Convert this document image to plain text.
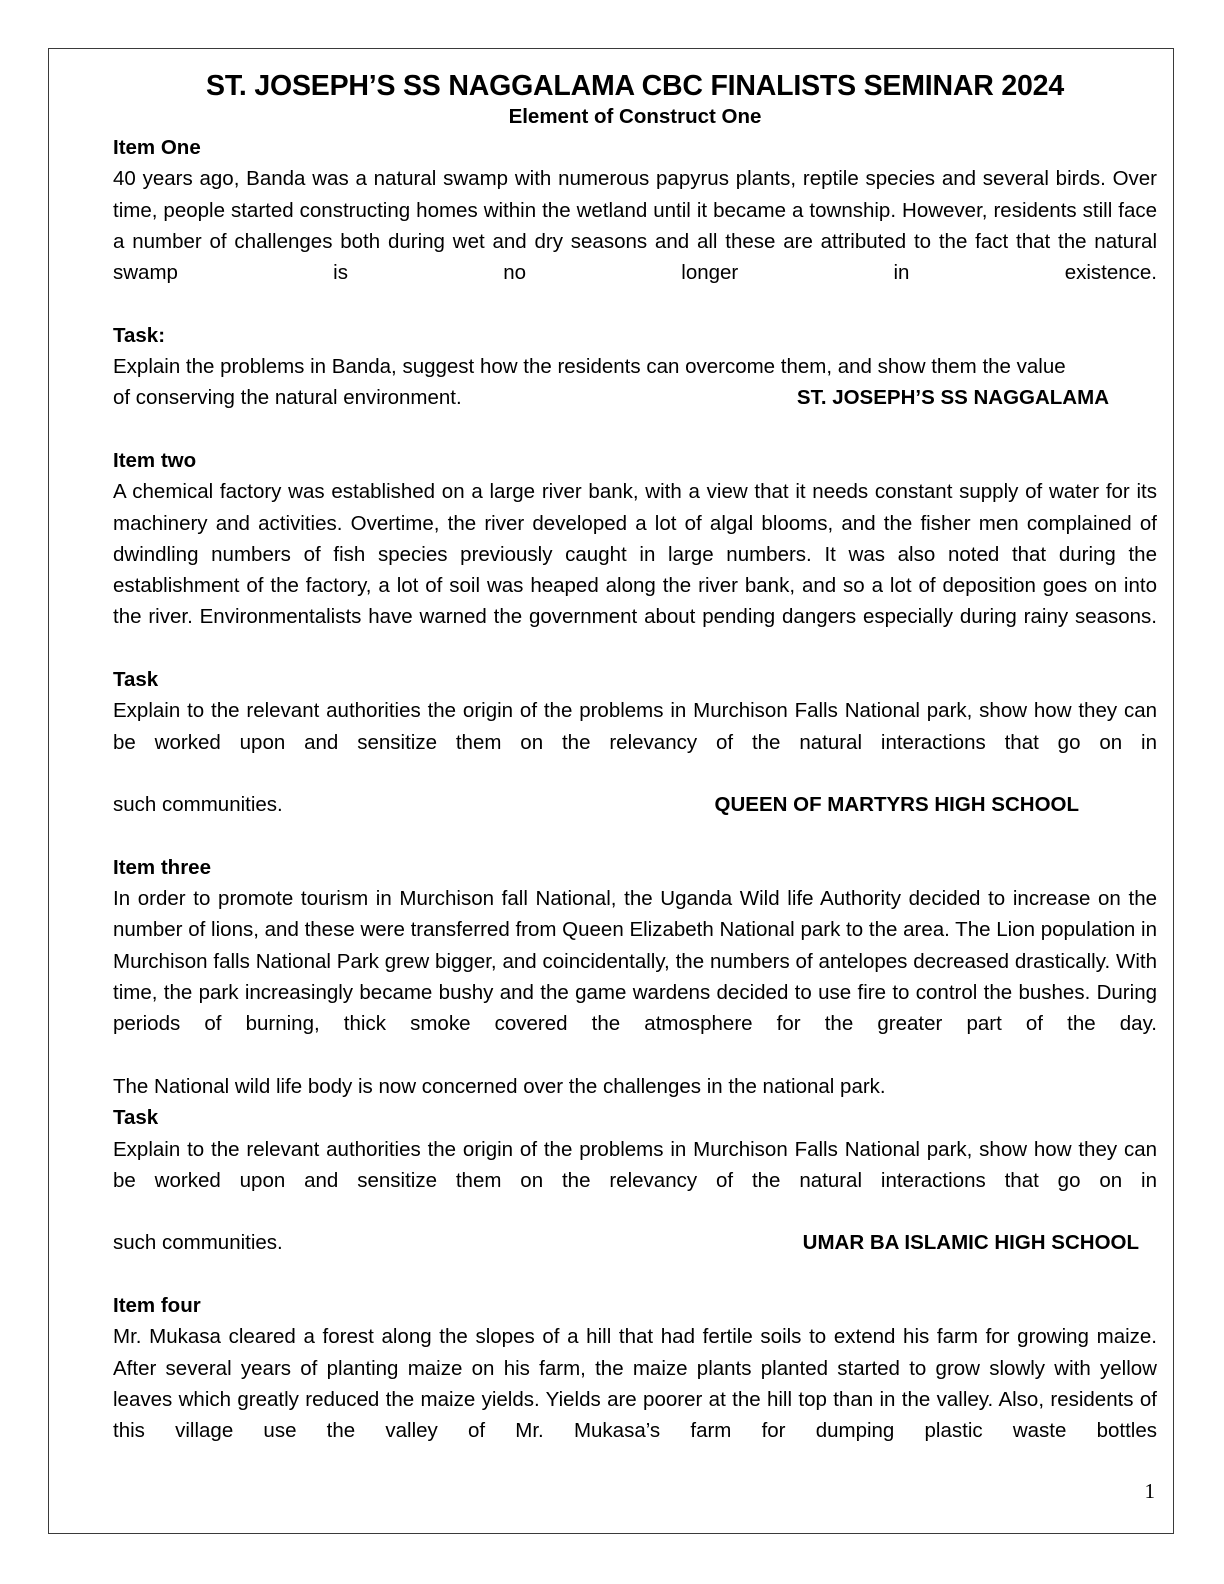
ST. JOSEPH’S SS NAGGALAMA CBC FINALISTS SEMINAR 2024
Element of Construct One
Item One

40 years ago, Banda was a natural swamp with numerous papyrus plants, reptile species and several birds. Over time, people started constructing homes within the wetland until it became a township. However, residents still face a number of challenges both during wet and dry seasons and all these are attributed to the fact that the natural swamp is no longer in existence.

Task:

Explain the problems in Banda, suggest how the residents can overcome them, and show them the value

of conserving the natural environment.	ST. JOSEPH’S SS NAGGALAMA

Item two

A chemical factory was established on a large river bank, with a view that it needs constant supply of water for its machinery and activities. Overtime, the river developed a lot of algal blooms, and the fisher men complained of dwindling numbers of fish species previously caught in large numbers. It was also noted that during the establishment of the factory, a lot of soil was heaped along the river bank, and so a lot of deposition goes on into the river. Environmentalists have warned the government about pending dangers especially during rainy seasons.

Task

Explain to the relevant authorities the origin of the problems in Murchison Falls National park, show how they can be worked upon and sensitize them on the relevancy of the natural interactions that go on in

such communities.	QUEEN OF MARTYRS HIGH SCHOOL

Item three

In order to promote tourism in Murchison fall National, the Uganda Wild life Authority decided to increase on the number of lions, and these were transferred from Queen Elizabeth National park to the area. The Lion population in Murchison falls National Park grew bigger, and coincidentally, the numbers of antelopes decreased drastically. With time, the park increasingly became bushy and the game wardens decided to use fire to control the bushes. During periods of burning, thick smoke covered the atmosphere for the greater part of the day.

The National wild life body is now concerned over the challenges in the national park.

Task

Explain to the relevant authorities the origin of the problems in Murchison Falls National park, show how they can be worked upon and sensitize them on the relevancy of the natural interactions that go on in

such communities.	UMAR BA ISLAMIC HIGH SCHOOL

Item four

Mr. Mukasa cleared a forest along the slopes of a hill that had fertile soils to extend his farm for growing maize. After several years of planting maize on his farm, the maize plants planted started to grow slowly with yellow leaves which greatly reduced the maize yields. Yields are poorer at the hill top than in the valley. Also, residents of this village use the valley of Mr. Mukasa’s farm for dumping plastic waste bottles

1
